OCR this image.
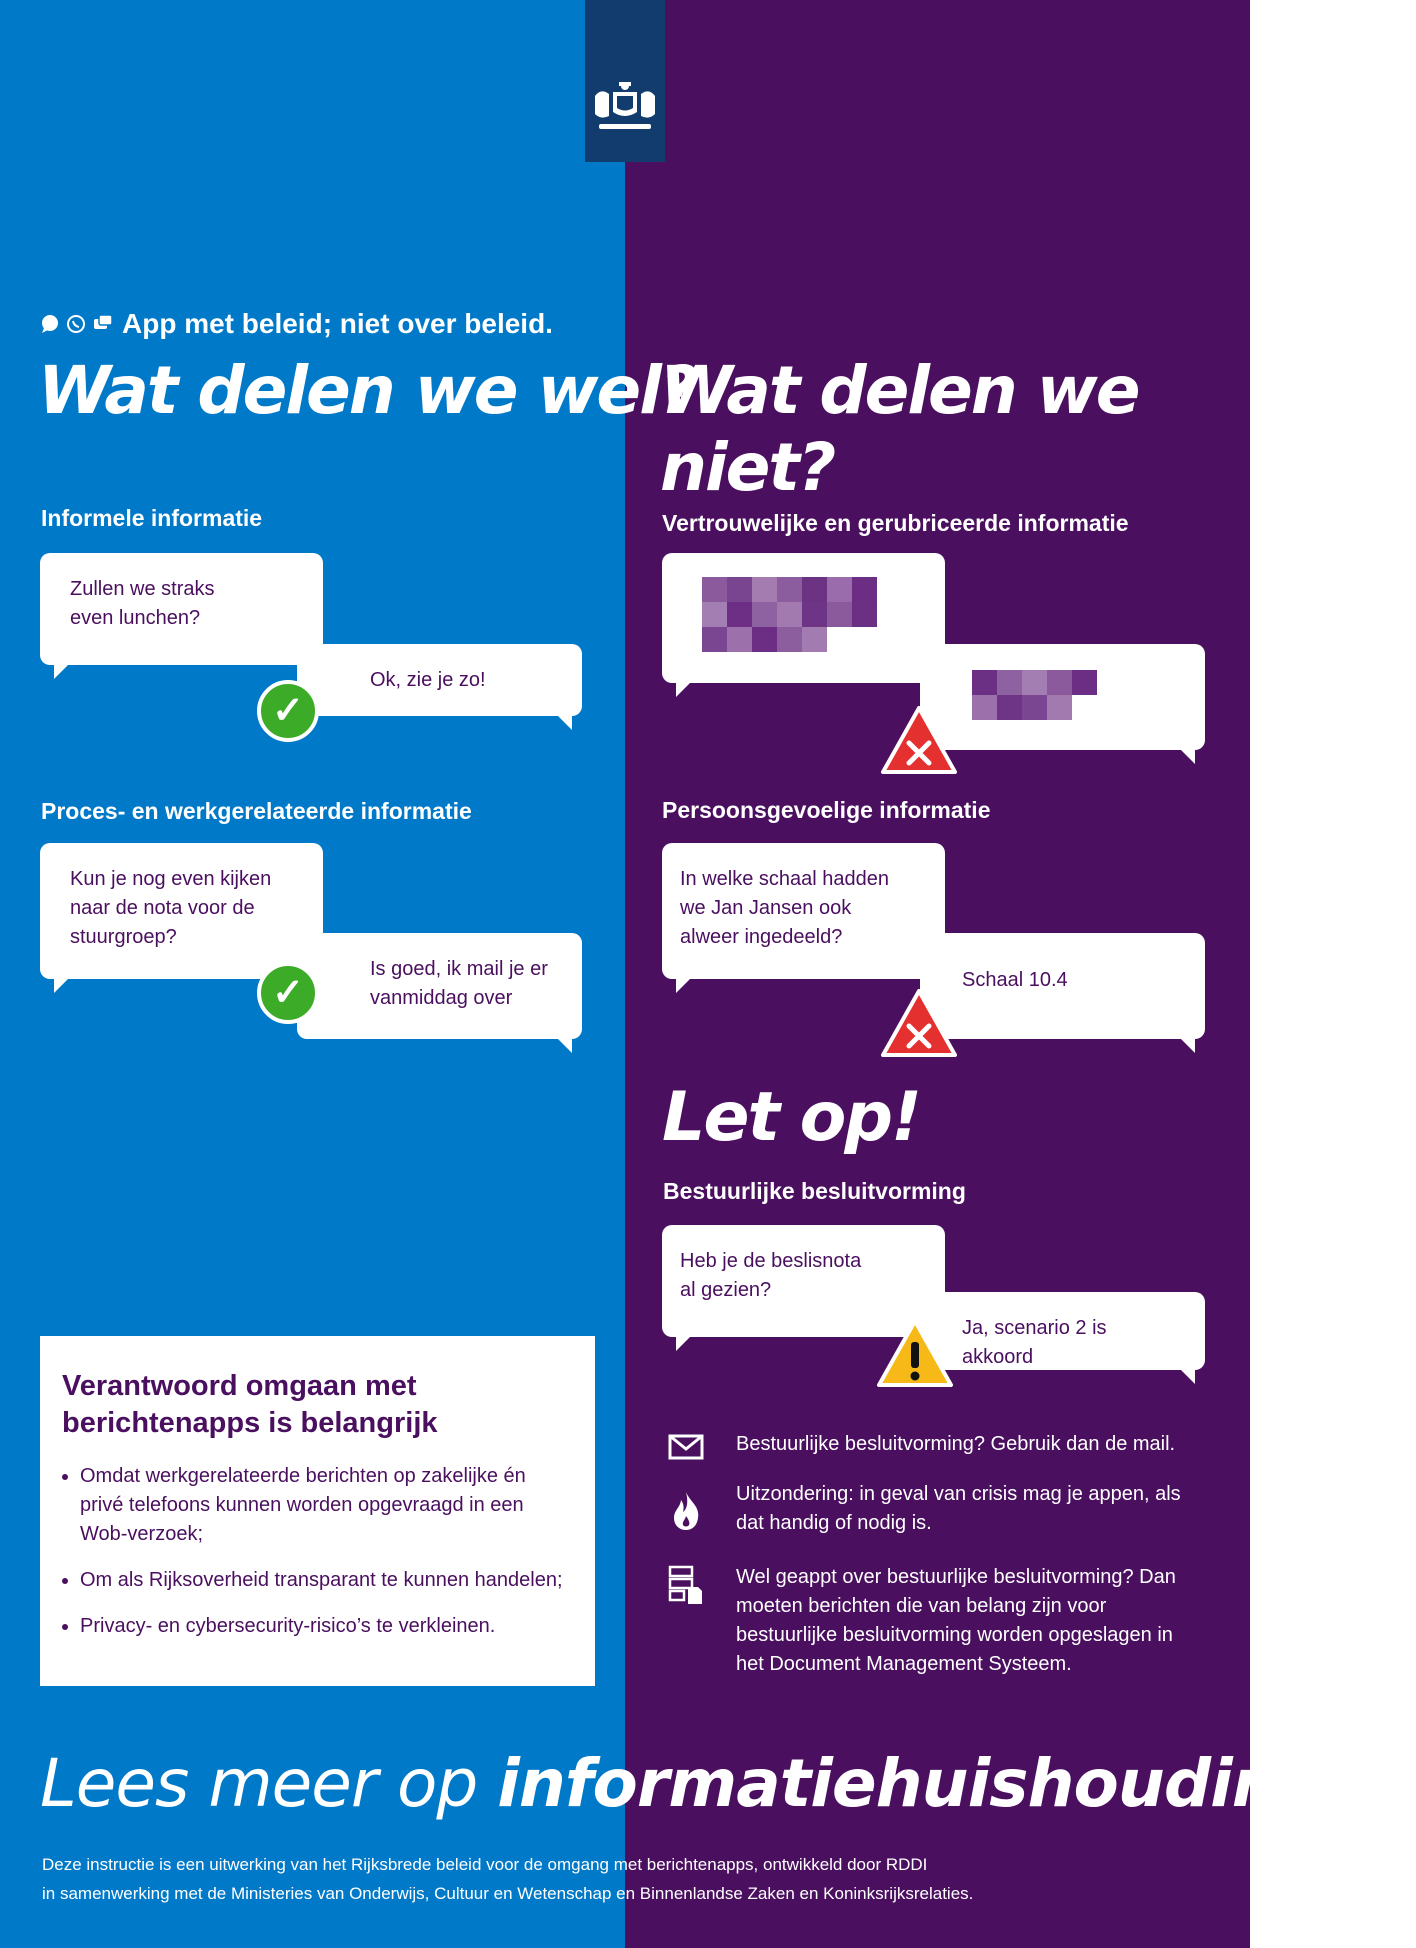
App met beleid; niet over beleid.
Wat delen we wel?
Wat delen we niet?
Informele informatie
Zullen we straks even lunchen?
Ok, zie je zo!
✓
Proces- en werkgerelateerde informatie
Kun je nog even kijken naar de nota voor de stuurgroep?
Is goed, ik mail je er vanmiddag over
✓
Verantwoord omgaan met berichtenapps is belangrijk
• Omdat werkgerelateerde berichten op zakelijke én privé telefoons kunnen worden opgevraagd in een Wob-verzoek;
• Om als Rijksoverheid transparant te kunnen handelen;
• Privacy- en cybersecurity-risico’s te verkleinen.
Vertrouwelijke en gerubriceerde informatie
Persoonsgevoelige informatie
In welke schaal hadden we Jan Jansen ook alweer ingedeeld?
Schaal 10.4
Let op!
Bestuurlijke besluitvorming
Heb je de beslisnota al gezien?
Ja, scenario 2 is akkoord
Bestuurlijke besluitvorming? Gebruik dan de mail.
Uitzondering: in geval van crisis mag je appen, als dat handig of nodig is.
Wel geappt over bestuurlijke besluitvorming? Dan moeten berichten die van belang zijn voor bestuurlijke besluitvorming worden opgeslagen in het Document Management Systeem.
Lees meer op informatiehuishouding.nl
Deze instructie is een uitwerking van het Rijksbrede beleid voor de omgang met berichtenapps, ontwikkeld door RDDI
in samenwerking met de Ministeries van Onderwijs, Cultuur en Wetenschap en Binnenlandse Zaken en Koninksrijksrelaties.
